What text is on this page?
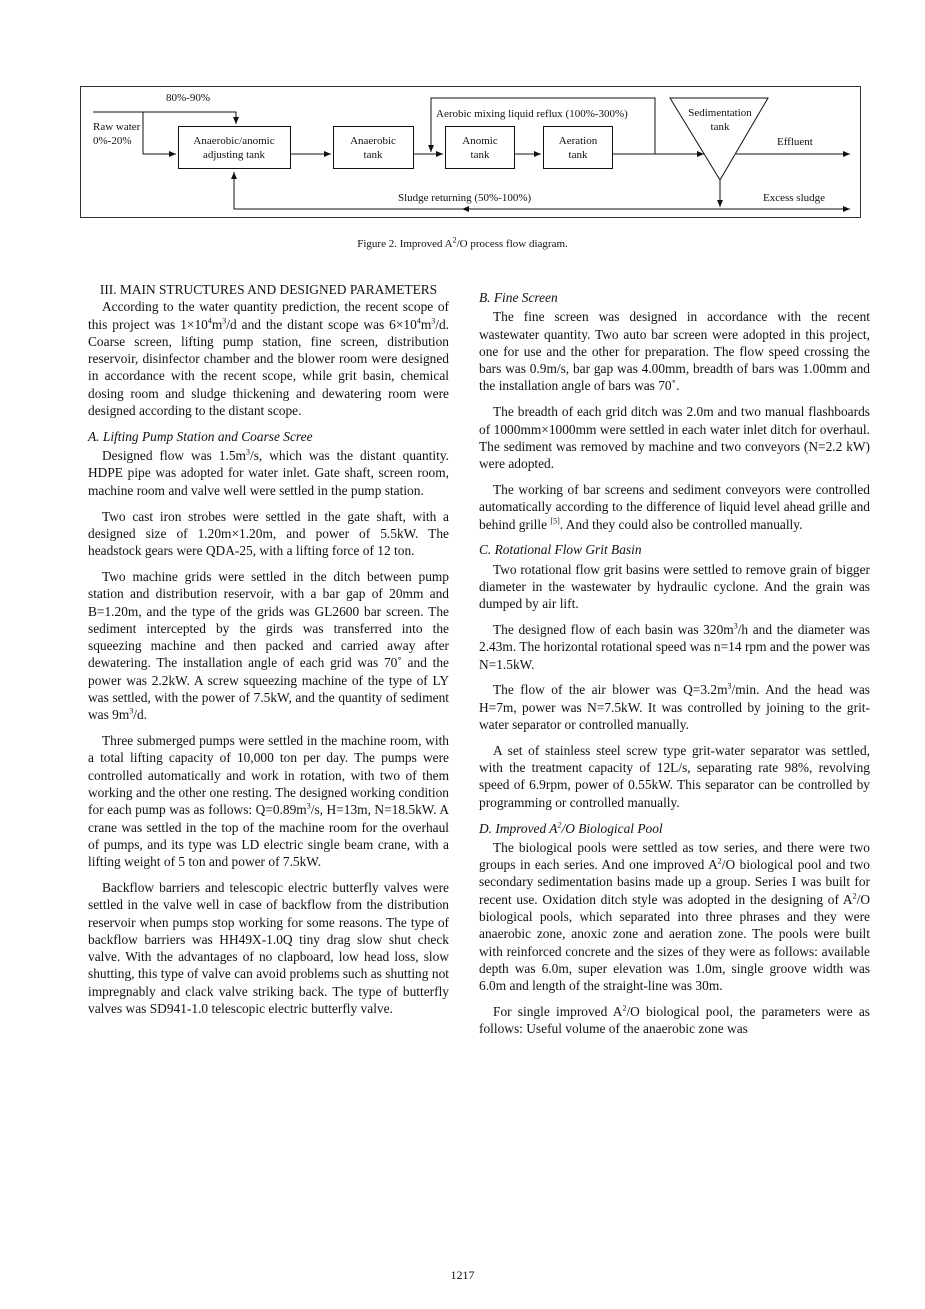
80%-90%
Raw water
0%-20%	Anaerobic/anomic
adjusting tank
Anaerobic
tank
Anomic
tank
Aeration
tank
Sedimentation
tank
Aerobic mixing liquid reflux (100%-300%)
Effluent
Sludge returning (50%-100%)	Excess sludge
Figure 2. Improved $A^2/O$ process flow diagram.
III. MAIN STRUCTURES AND DESIGNED PARAMETERS

According to the water quantity prediction, the recent scope of this project was $1\times 10^4m^3/d$ and the distant scope was $6\times 10^4m^3/d$. Coarse screen, lifting pump station, fine screen, distribution reservoir, disinfector chamber and the blower room were designed in accordance with the recent scope, while grit basin, chemical dosing room and sludge thickening and dewatering room were designed according to the distant scope.

A. Lifting Pump Station and Coarse Scree

Designed flow was $1.5m^3/s$, which was the distant quantity. HDPE pipe was adopted for water inlet. Gate shaft, screen room, machine room and valve well were settled in the pump station.

Two cast iron strobes were settled in the gate shaft, with a designed size of 1.20m×1.20m, and power of 5.5kW. The headstock gears were QDA-25, with a lifting force of 12 ton.

Two machine grids were settled in the ditch between pump station and distribution reservoir, with a bar gap of 20mm and B=1.20m, and the type of the grids was GL2600 bar screen. The sediment intercepted by the girds was transferred into the squeezing machine and then packed and carried away after dewatering. The installation angle of each grid was 70˚ and the power was 2.2kW. A screw squeezing machine of the type of LY was settled, with the power of 7.5kW, and the quantity of sediment was $9m^3/d$.

Three submerged pumps were settled in the machine room, with a total lifting capacity of 10,000 ton per day. The pumps were controlled automatically and work in rotation, with two of them working and the other one resting. The designed working condition for each pump was as follows: $Q=0.89m^3/s$, H=13m, N=18.5kW. A crane was settled in the top of the machine room for the overhaul of pumps, and its type was LD electric single beam crane, with a lifting weight of 5 ton and power of 7.5kW.

Backflow barriers and telescopic electric butterfly valves were settled in the valve well in case of backflow from the distribution reservoir when pumps stop working for some reasons. The type of backflow barriers was HH49X-1.0Q tiny drag slow shut check valve. With the advantages of no clapboard, low head loss, slow shutting, this type of valve can avoid problems such as shutting not impregnably and clack valve striking back. The type of butterfly valves was SD941-1.0 telescopic electric butterfly valve.

B. Fine Screen

The fine screen was designed in accordance with the recent wastewater quantity. Two auto bar screen were adopted in this project, one for use and the other for preparation. The flow speed crossing the bars was 0.9m/s, bar gap was 4.00mm, breadth of bars was 1.00mm and the installation angle of bars was 70˚.

The breadth of each grid ditch was 2.0m and two manual flashboards of 1000mm×1000mm were settled in each water inlet ditch for overhaul. The sediment was removed by machine and two conveyors (N=2.2 kW) were adopted.

The working of bar screens and sediment conveyors were controlled automatically according to the difference of liquid level ahead grille and behind grille [5]. And they could also be controlled manually.

C. Rotational Flow Grit Basin

Two rotational flow grit basins were settled to remove grain of bigger diameter in the wastewater by hydraulic cyclone. And the grain was dumped by air lift.

The designed flow of each basin was $320m^3/h$ and the diameter was 2.43m. The horizontal rotational speed was n=14 rpm and the power was N=1.5kW.

The flow of the air blower was $Q=3.2m^3/\min$. And the head was H=7m, power was N=7.5kW. It was controlled by joining to the grit-water separator or controlled manually.

A set of stainless steel screw type grit-water separator was settled, with the treatment capacity of 12L/s, separating rate 98%, revolving speed of 6.9rpm, power of 0.55kW. This separator can be controlled by programming or controlled manually.

D. Improved $A^2/O$ Biological Pool

The biological pools were settled as tow series, and there were two groups in each series. And one improved $A^2/O$ biological pool and two secondary sedimentation basins made up a group. Series I was built for recent use. Oxidation ditch style was adopted in the designing of $A^2/O$ biological pools, which separated into three phrases and they were anaerobic zone, anoxic zone and aeration zone. The pools were built with reinforced concrete and the sizes of they were as follows: available depth was 6.0m, super elevation was 1.0m, single groove width was 6.0m and length of the straight-line was 30m.

For single improved $A^2/O$ biological pool, the parameters were as follows: Useful volume of the anaerobic zone was

1217
